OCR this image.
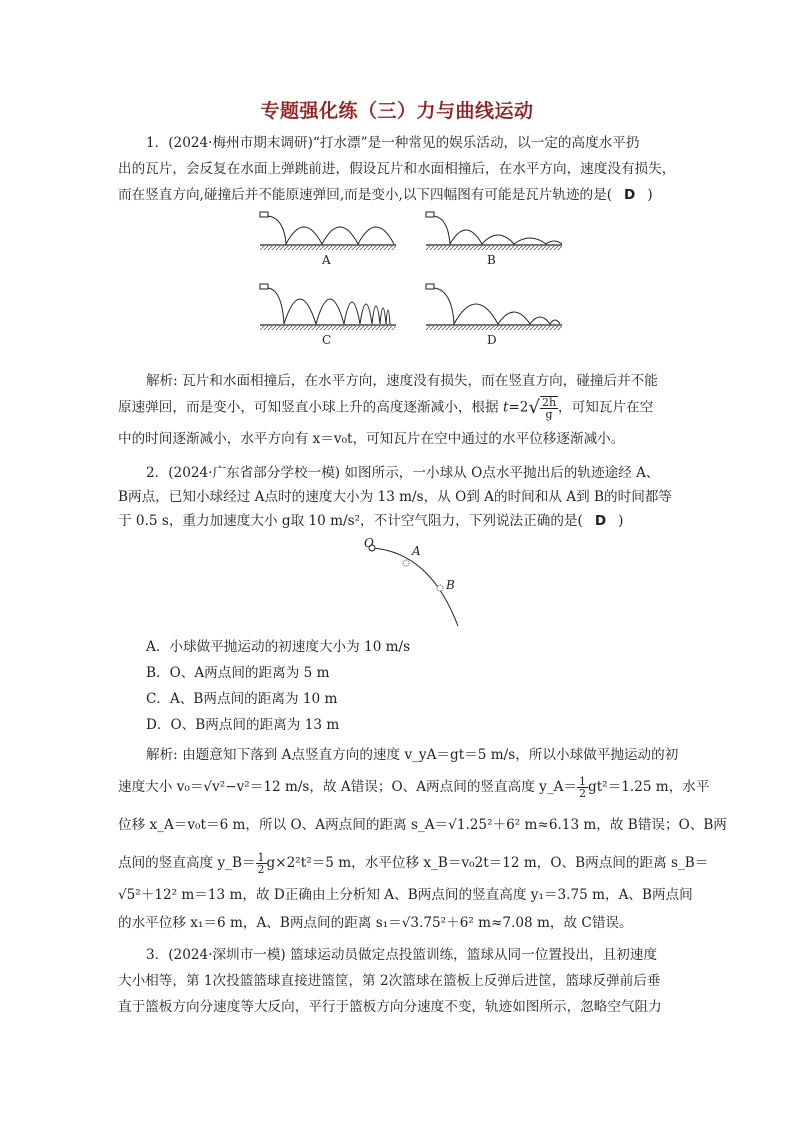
专题强化练（三）力与曲线运动
1．(2024·梅州市期末调研)“打水漂”是一种常见的娱乐活动，以一定的高度水平扔
出的瓦片，会反复在水面上弹跳前进，假设瓦片和水面相撞后，在水平方向，速度没有损失，
而在竖直方向,碰撞后并不能原速弹回,而是变小,以下四幅图有可能是瓦片轨迹的是( D )
A	B
C	D
解析: 瓦片和水面相撞后，在水平方向，速度没有损失，而在竖直方向，碰撞后并不能
原速弹回，而是变小，可知竖直小球上升的高度逐渐减小，根据 $t=2√ \frac{2h}{g}$ ，可知瓦片在空
中的时间逐渐减小，水平方向有 x＝v₀t，可知瓦片在空中通过的水平位移逐渐减小。
2．(2024·广东省部分学校一模) 如图所示，一小球从 O点水平抛出后的轨迹途经 A、
B两点，已知小球经过 A点时的速度大小为 13 m/s，从 O到 A的时间和从 A到 B的时间都等
于 0.5 s，重力加速度大小 g取 10 m/s²，不计空气阻力，下列说法正确的是( D )
O
A
B
A．小球做平抛运动的初速度大小为 10 m/s
B．O、A两点间的距离为 5 m
C．A、B两点间的距离为 10 m
D．O、B两点间的距离为 13 m
解析: 由题意知下落到 A点竖直方向的速度 v_yA＝gt＝5 m/s，所以小球做平抛运动的初
速度大小 v₀＝√v²−v²＝12 m/s，故 A错误；O、A两点间的竖直高度 y_A＝ $\frac{1}{2} gt^2=1.25$ m，水平
位移 x_A＝v₀t＝6 m，所以 O、A两点间的距离 s_A＝√1.25²＋6² m≈6.13 m，故 B错误；O、B两
点间的竖直高度 y_B＝ $\frac{1}{2} g\times 2^2t^2=5$ m，水平位移 x_B＝v₀2t＝12 m，O、B两点间的距离 s_B＝
√5²＋12² m＝13 m，故 D正确由上分析知 A、B两点间的竖直高度 y₁＝3.75 m，A、B两点间
的水平位移 x₁＝6 m，A、B两点间的距离 s₁＝√3.75²＋6² m≈7.08 m，故 C错误。
3．(2024·深圳市一模) 篮球运动员做定点投篮训练，篮球从同一位置投出，且初速度
大小相等，第 1次投篮篮球直接进篮筐，第 2次篮球在篮板上反弹后进筐，篮球反弹前后垂
直于篮板方向分速度等大反向，平行于篮板方向分速度不变，轨迹如图所示，忽略空气阻力
